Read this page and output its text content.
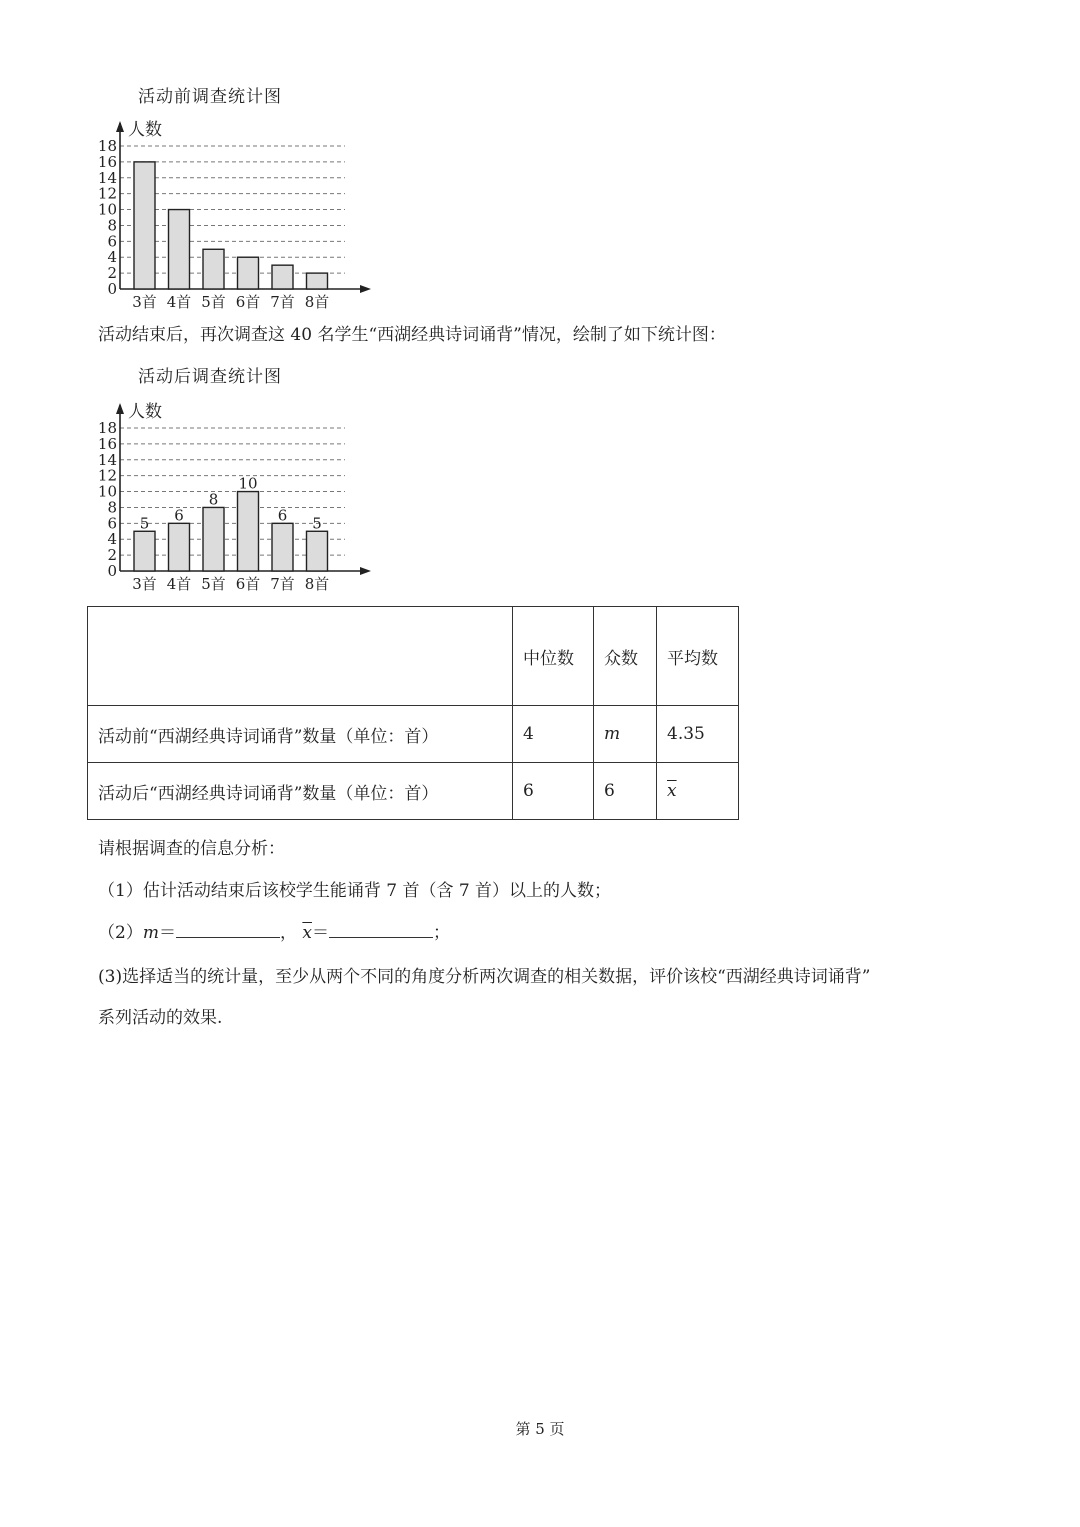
活动前调查统计图
0
2
4
6
8
10
12
14
16
18
人数
3首 4首 5首 6首 7首 8首
活动结束后，再次调查这 40 名学生“西湖经典诗词诵背”情况，绘制了如下统计图：
活动后调查统计图
0
2
4
6
8
10
12
14
16
18
人数
3首
5
4首
6
5首
8
6首
10
7首
6
8首
5
	中位数	众数	平均数
活动前“西湖经典诗词诵背”数量（单位：首）	4	m	4.35
活动后“西湖经典诗词诵背”数量（单位：首）	6	6	$\overline{x}$
请根据调查的信息分析：
（1）估计活动结束后该校学生能诵背 7 首（含 7 首）以上的人数；
（2）m＝	， $\overline{x}=$	；
(3)选择适当的统计量，至少从两个不同的角度分析两次调查的相关数据，评价该校“西湖经典诗词诵背”
系列活动的效果.
第 5 页
